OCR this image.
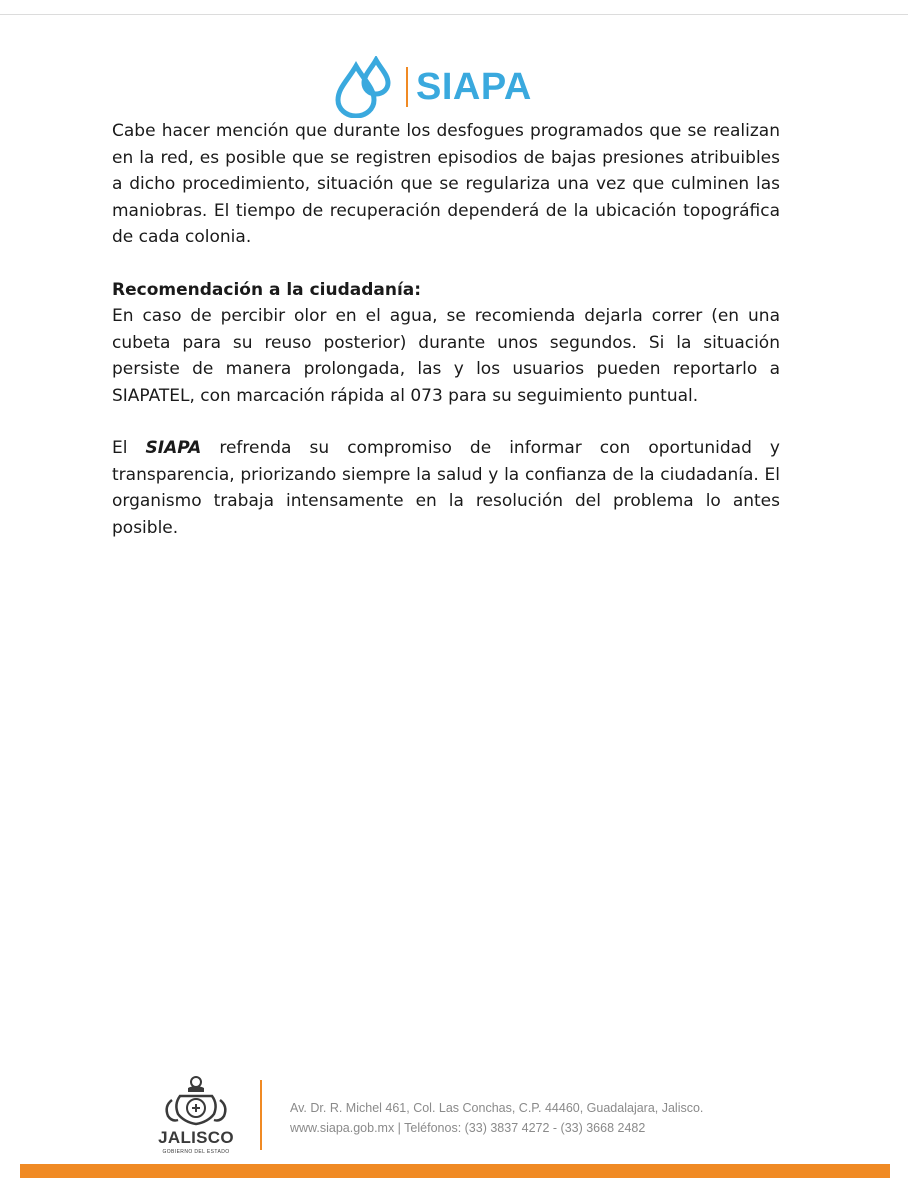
SIAPA

Cabe hacer mención que durante los desfogues programados que se realizan en la red, es posible que se registren episodios de bajas presiones atribuibles a dicho procedimiento, situación que se regulariza una vez que culminen las maniobras. El tiempo de recuperación dependerá de la ubicación topográfica de cada colonia.

Recomendación a la ciudadanía:

En caso de percibir olor en el agua, se recomienda dejarla correr (en una cubeta para su reuso posterior) durante unos segundos. Si la situación persiste de manera prolongada, las y los usuarios pueden reportarlo a SIAPATEL, con marcación rápida al 073 para su seguimiento puntual.

El SIAPA refrenda su compromiso de informar con oportunidad y transparencia, priorizando siempre la salud y la confianza de la ciudadanía. El organismo trabaja intensamente en la resolución del problema lo antes posible.

JALISCO
GOBIERNO DEL ESTADO
Av. Dr. R. Michel 461, Col. Las Conchas, C.P. 44460, Guadalajara, Jalisco.
www.siapa.gob.mx | Teléfonos: (33) 3837 4272 - (33) 3668 2482
